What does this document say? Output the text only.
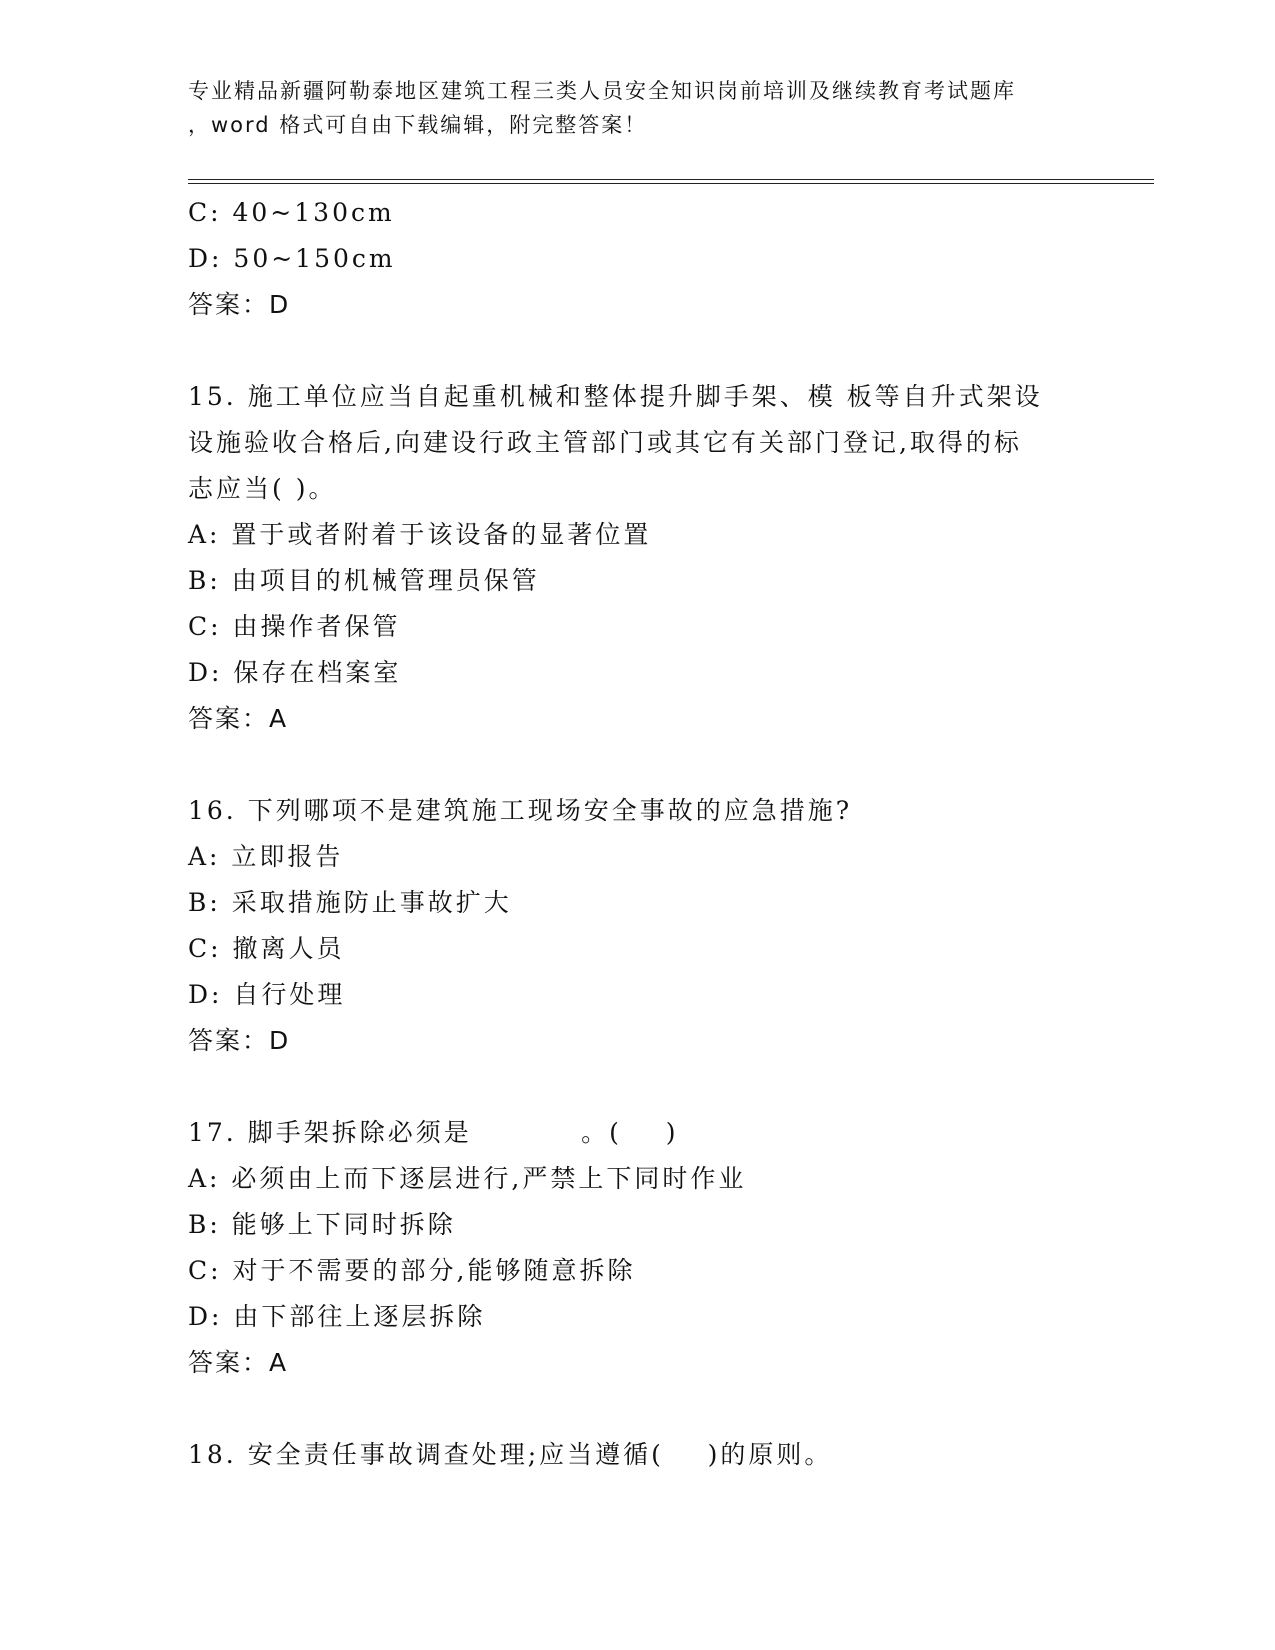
专业精品新疆阿勒泰地区建筑工程三类人员安全知识岗前培训及继续教育考试题库
，word 格式可自由下载编辑，附完整答案！
C: 40~130cm
D: 50~150cm
答案：D
15. 施工单位应当自起重机械和整体提升脚手架、模 板等自升式架设
设施验收合格后,向建设行政主管部门或其它有关部门登记,取得的标
志应当( )。
A: 置于或者附着于该设备的显著位置
B: 由项目的机械管理员保管
C: 由操作者保管
D: 保存在档案室
答案：A
16. 下列哪项不是建筑施工现场安全事故的应急措施?
A: 立即报告
B: 采取措施防止事故扩大
C: 撤离人员
D: 自行处理
答案：D
17. 脚手架拆除必须是          。(    )
A: 必须由上而下逐层进行,严禁上下同时作业
B: 能够上下同时拆除
C: 对于不需要的部分,能够随意拆除
D: 由下部往上逐层拆除
答案：A
18. 安全责任事故调查处理;应当遵循(    )的原则。
